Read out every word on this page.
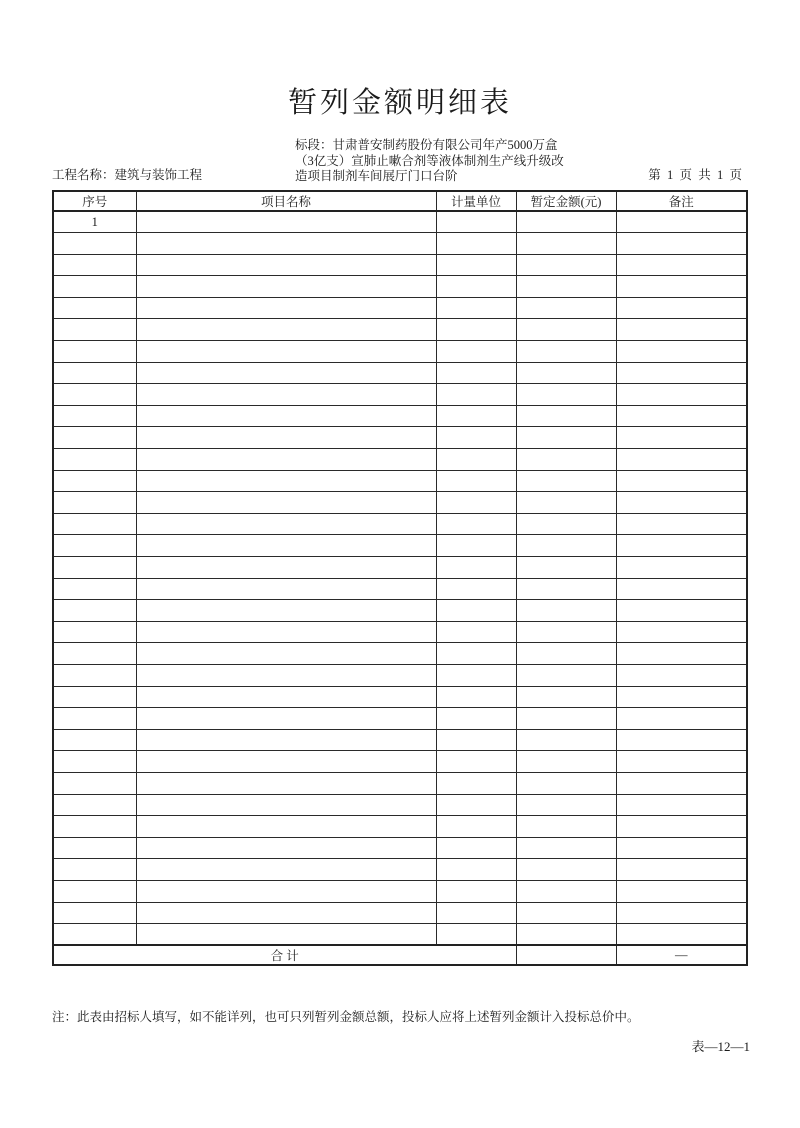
暂列金额明细表
工程名称：建筑与装饰工程
标段：甘肃普安制药股份有限公司年产5000万盒
（3亿支）宣肺止嗽合剂等液体制剂生产线升级改
造项目制剂车间展厅门口台阶	第  1  页  共  1  页
序号	项目名称	计量单位	暂定金额(元)	备注
1				

合 计				—
注：此表由招标人填写，如不能详列，也可只列暂列金额总额，投标人应将上述暂列金额计入投标总价中。
表—12—1
